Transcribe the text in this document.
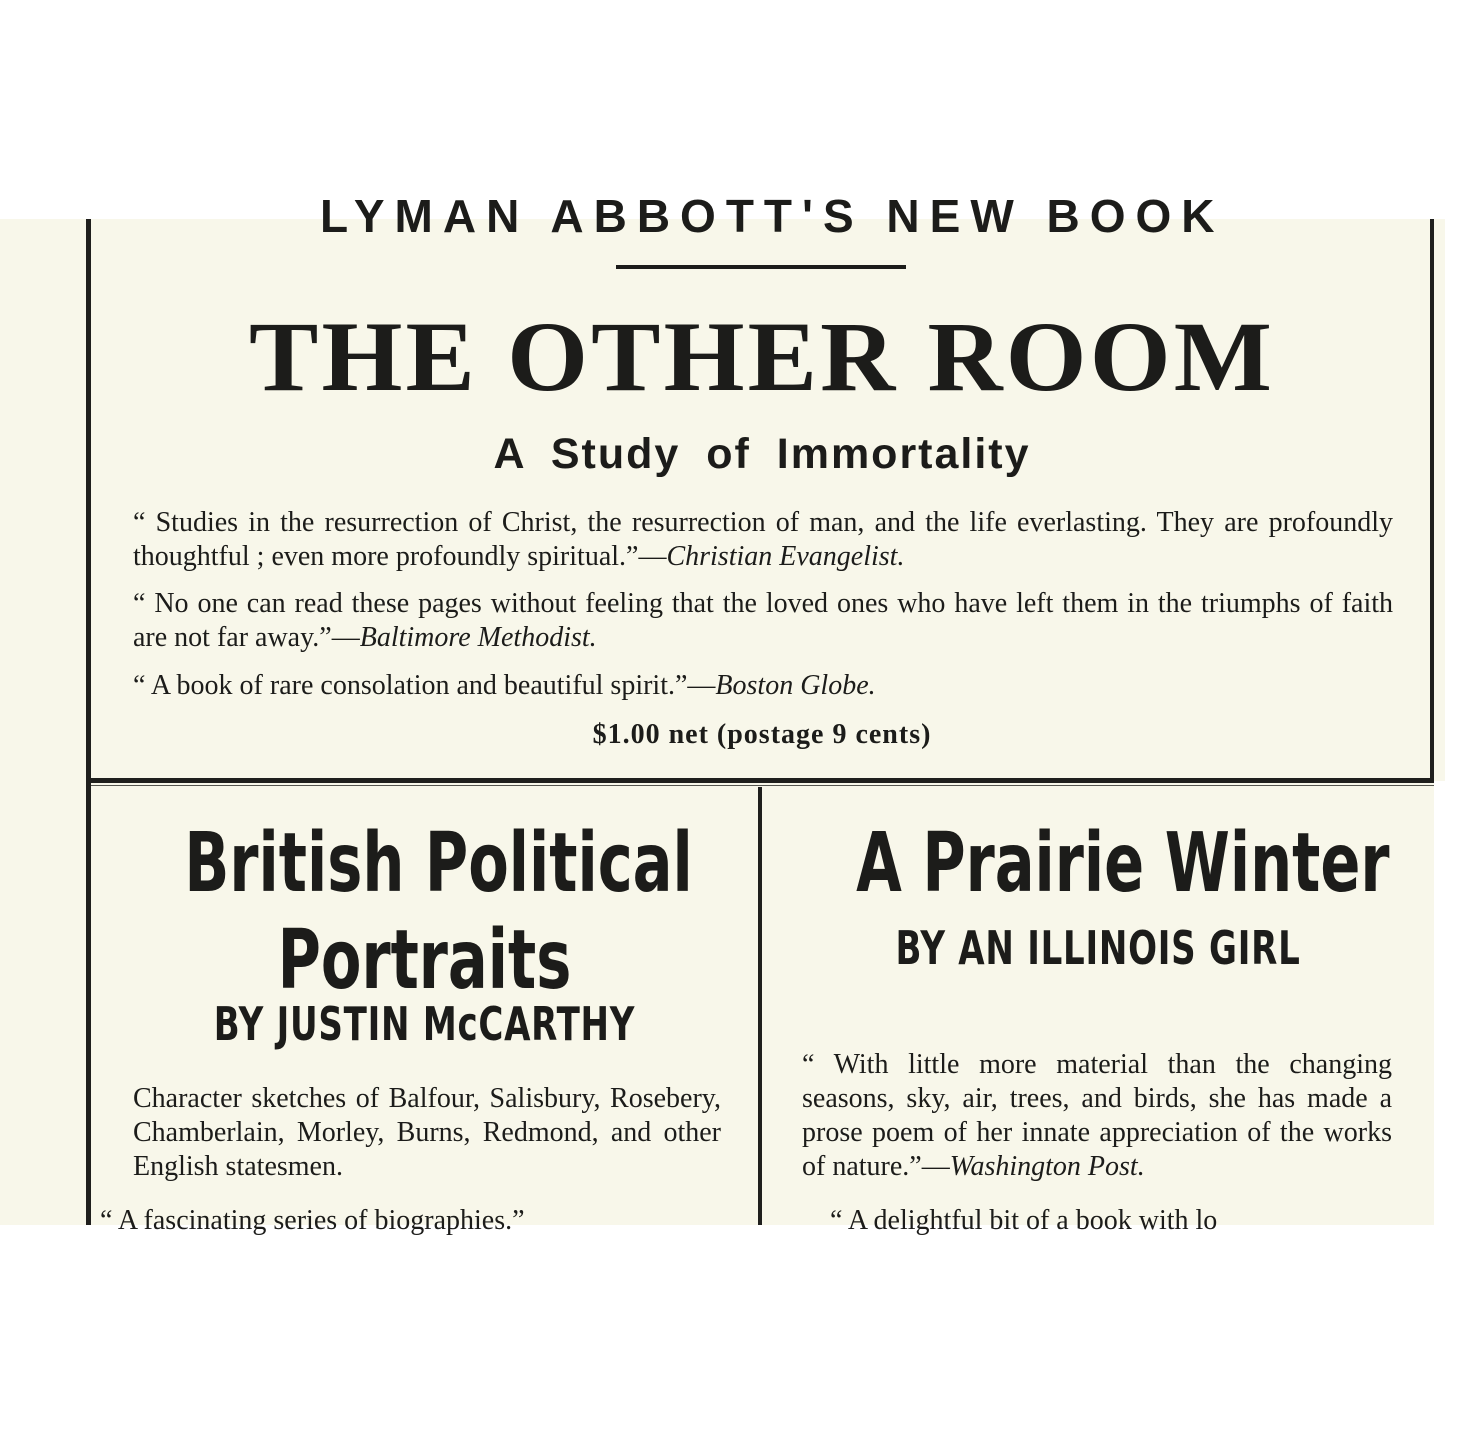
LYMAN ABBOTT'S NEW BOOK
THE OTHER ROOM
A Study of Immortality
“ Studies in the resurrection of Christ, the resurrection of man, and the life everlasting. They are profoundly thoughtful ; even more profoundly spiritual.”—Christian Evangelist.
“ No one can read these pages without feeling that the loved ones who have left them in the triumphs of faith are not far away.”—Baltimore Methodist.
“ A book of rare consolation and beautiful spirit.”—Boston Globe.
$1.00 net (postage 9 cents)
British Political
Portraits
BY JUSTIN McCARTHY
Character sketches of Balfour, Salisbury, Rosebery, Chamberlain, Morley, Burns, Redmond, and other English statesmen.
A Prairie Winter
BY AN ILLINOIS GIRL
“ With little more material than the changing seasons, sky, air, trees, and birds, she has made a prose poem of her innate appreciation of the works of nature.”—Washington Post.
“ A fascinating series of biographies.”	“ A delightful bit of a book with lo
